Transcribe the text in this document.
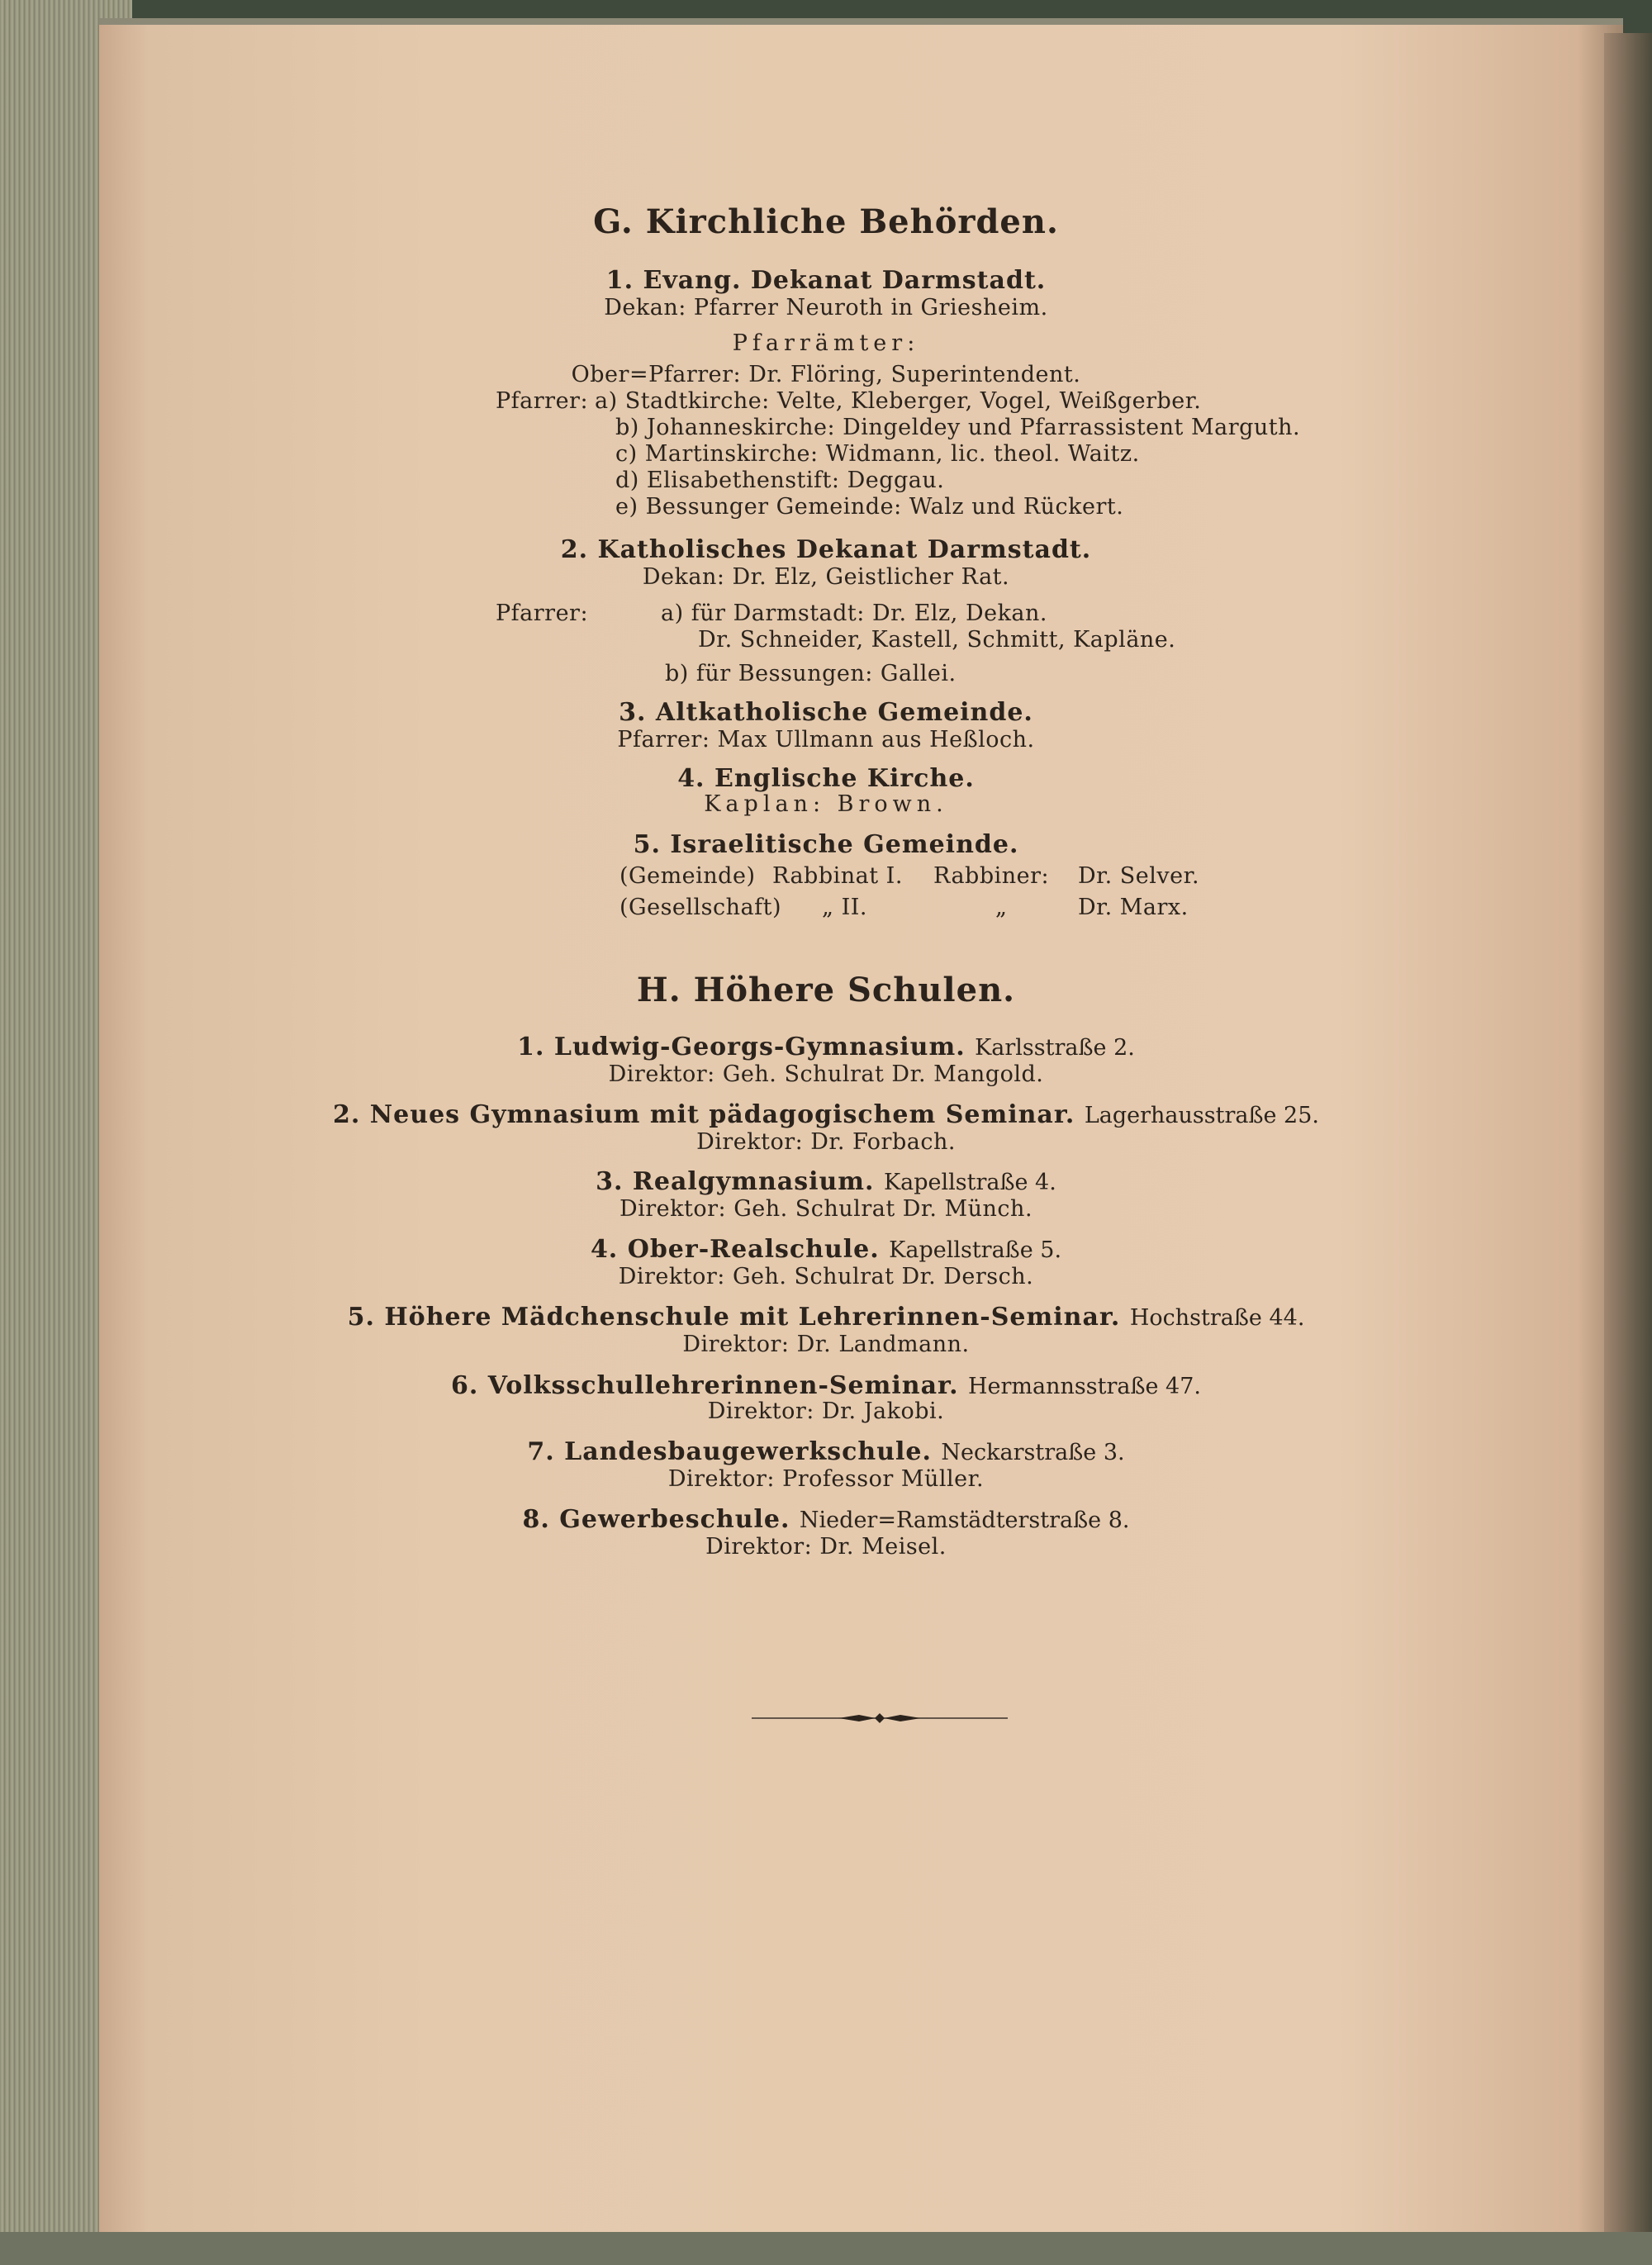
G. Kirchliche Behörden.
1. Evang. Dekanat Darmstadt.
Dekan: Pfarrer Neuroth in Griesheim.
Pfarrämter:
Ober=Pfarrer: Dr. Flöring, Superintendent.
Pfarrer: a) Stadtkirche: Velte, Kleberger, Vogel, Weißgerber.
b) Johanneskirche: Dingeldey und Pfarrassistent Marguth.
c) Martinskirche: Widmann, lic. theol. Waitz.
d) Elisabethenstift: Deggau.
e) Bessunger Gemeinde: Walz und Rückert.
2. Katholisches Dekanat Darmstadt.
Dekan: Dr. Elz, Geistlicher Rat.
Pfarrer:	a) für Darmstadt: Dr. Elz, Dekan.
Dr. Schneider, Kastell, Schmitt, Kapläne.
b) für Bessungen: Gallei.
3. Altkatholische Gemeinde.
Pfarrer: Max Ullmann aus Heßloch.
4. Englische Kirche.
Kaplan: Brown.
5. Israelitische Gemeinde.
(Gemeinde) Rabbinat I. Rabbiner: Dr. Selver.
(Gesellschaft) „ II.	„	Dr. Marx.
H. Höhere Schulen.
1. Ludwig-Georgs-Gymnasium. Karlsstraße 2.
Direktor: Geh. Schulrat Dr. Mangold.
2. Neues Gymnasium mit pädagogischem Seminar. Lagerhausstraße 25.
Direktor: Dr. Forbach.
3. Realgymnasium. Kapellstraße 4.
Direktor: Geh. Schulrat Dr. Münch.
4. Ober-Realschule. Kapellstraße 5.
Direktor: Geh. Schulrat Dr. Dersch.
5. Höhere Mädchenschule mit Lehrerinnen-Seminar. Hochstraße 44.
Direktor: Dr. Landmann.
6. Volksschullehrerinnen-Seminar. Hermannsstraße 47.
Direktor: Dr. Jakobi.
7. Landesbaugewerkschule. Neckarstraße 3.
Direktor: Professor Müller.
8. Gewerbeschule. Nieder=Ramstädterstraße 8.
Direktor: Dr. Meisel.
